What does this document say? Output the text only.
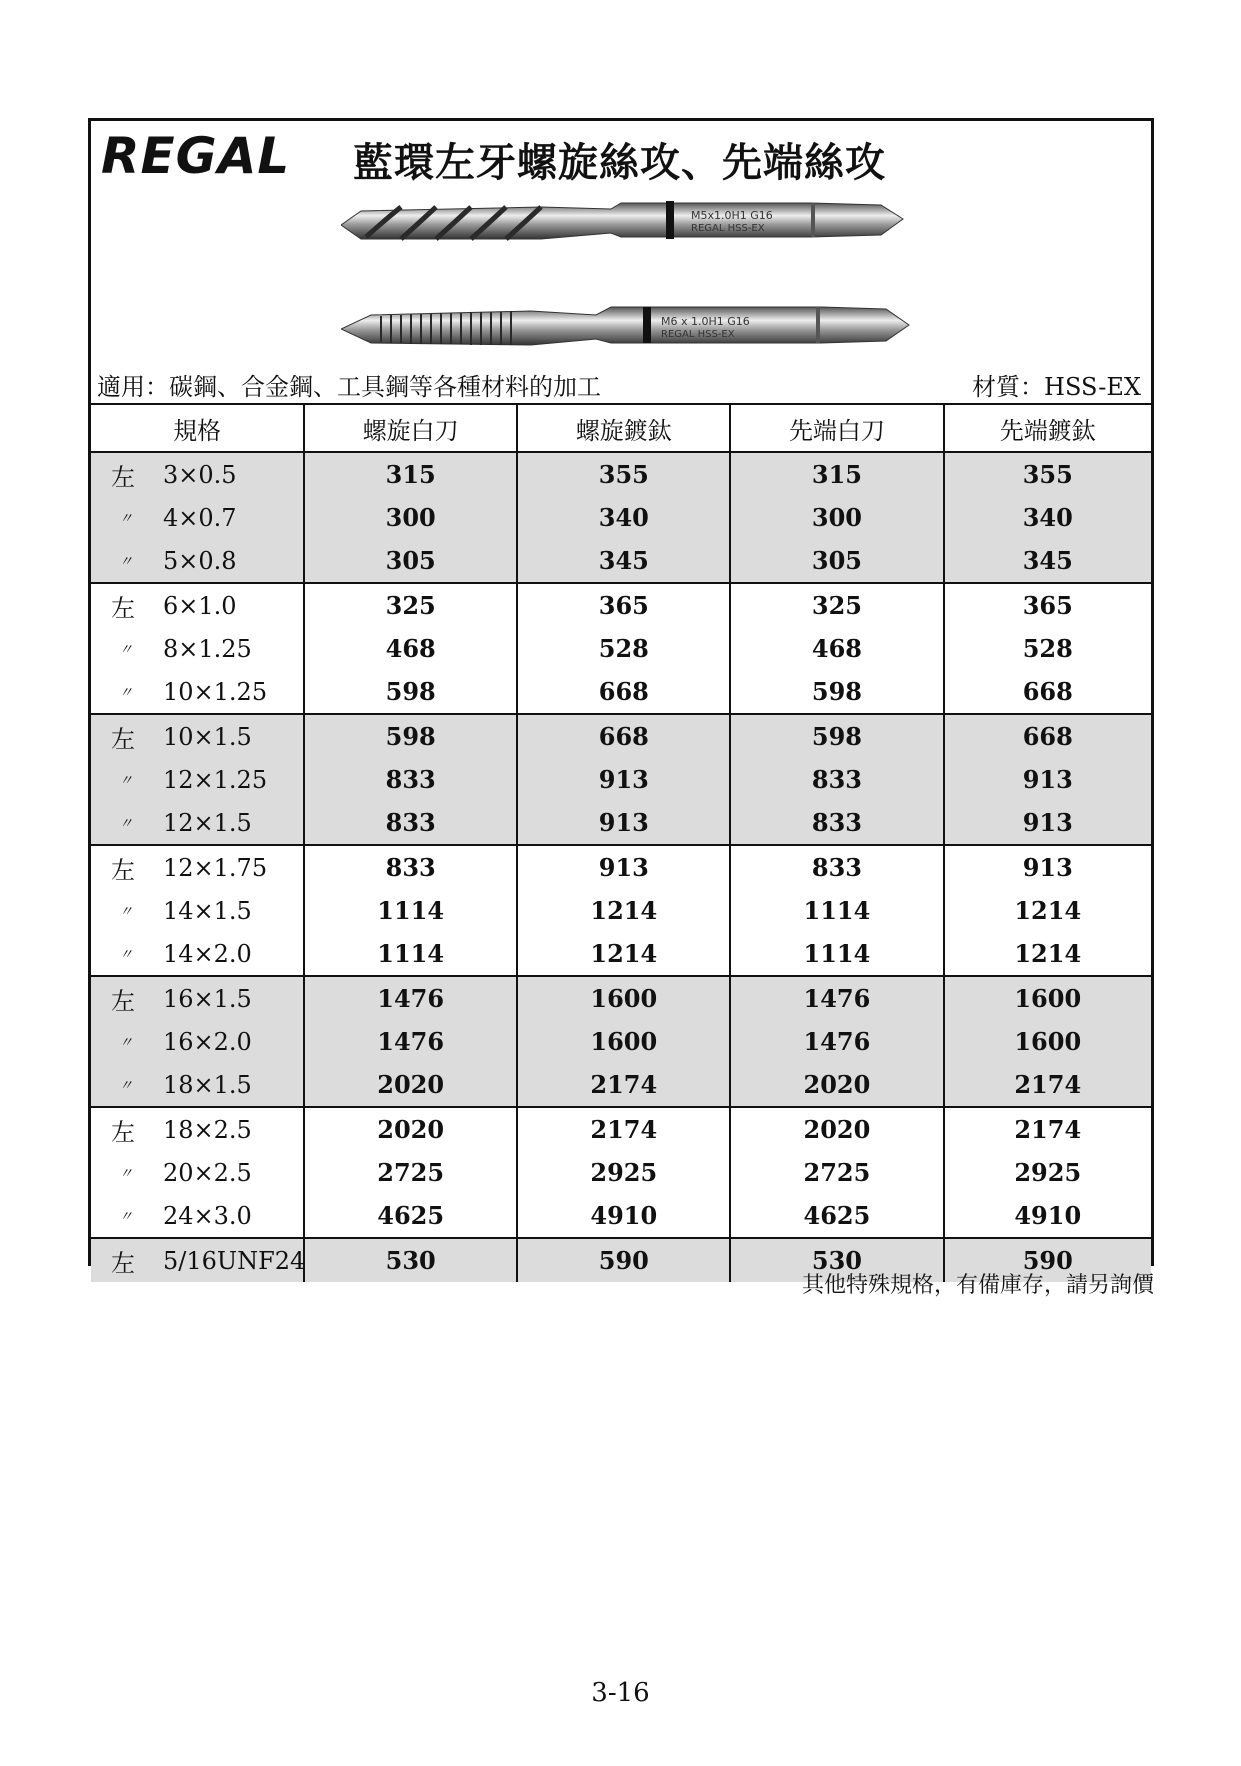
REGAL 藍環左牙螺旋絲攻、先端絲攻
M5x1.0H1 G16
REGAL HSS-EX
M6 x 1.0H1 G16
REGAL HSS-EX
適用：碳鋼、合金鋼、工具鋼等各種材料的加工	材質：HSS-EX
規格	螺旋白刀	螺旋鍍鈦	先端白刀	先端鍍鈦

左 3×0.5	315	355	315	355

〃 4×0.7	300	340	300	340

〃 5×0.8	305	345	305	345

左 6×1.0	325	365	325	365

〃 8×1.25	468	528	468	528

〃 10×1.25	598	668	598	668

左 10×1.5	598	668	598	668

〃 12×1.25	833	913	833	913

〃 12×1.5	833	913	833	913

左 12×1.75	833	913	833	913

〃 14×1.5	1114	1214	1114	1214

〃 14×2.0	1114	1214	1114	1214

左 16×1.5	1476	1600	1476	1600

〃 16×2.0	1476	1600	1476	1600

〃 18×1.5	2020	2174	2020	2174

左 18×2.5	2020	2174	2020	2174

〃 20×2.5	2725	2925	2725	2925

〃 24×3.0	4625	4910	4625	4910

左 5/16UNF24	530	590	530	590
其他特殊規格，有備庫存，請另詢價
3-16
